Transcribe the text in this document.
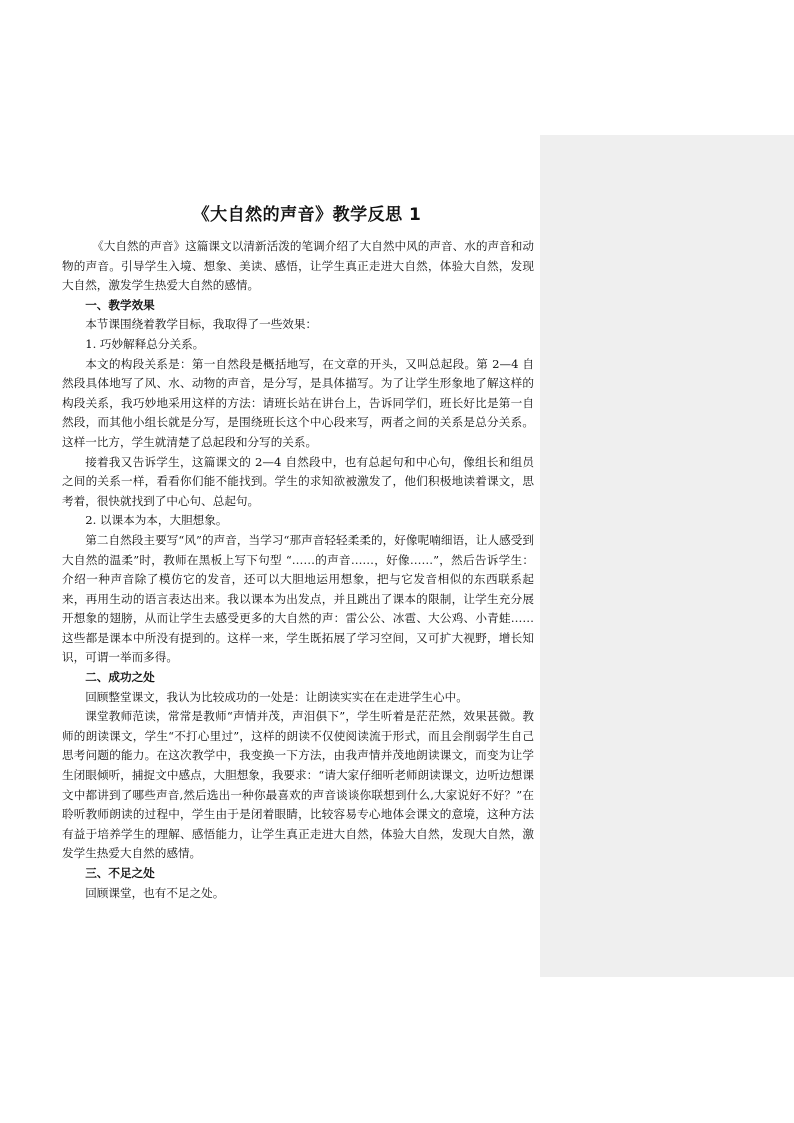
《大自然的声音》教学反思 1

《大自然的声音》这篇课文以清新活泼的笔调介绍了大自然中风的声音、水的声音和动物的声音。引导学生入境、想象、美读、感悟，让学生真正走进大自然，体验大自然，发现大自然，激发学生热爱大自然的感情。

一、教学效果

本节课围绕着教学目标，我取得了一些效果：

1. 巧妙解释总分关系。

本文的构段关系是：第一自然段是概括地写，在文章的开头，又叫总起段。第 2—4 自然段具体地写了风、水、动物的声音，是分写，是具体描写。为了让学生形象地了解这样的构段关系，我巧妙地采用这样的方法：请班长站在讲台上，告诉同学们，班长好比是第一自然段，而其他小组长就是分写，是围绕班长这个中心段来写，两者之间的关系是总分关系。这样一比方，学生就清楚了总起段和分写的关系。

接着我又告诉学生，这篇课文的 2—4 自然段中，也有总起句和中心句，像组长和组员之间的关系一样，看看你们能不能找到。学生的求知欲被激发了，他们积极地读着课文，思考着，很快就找到了中心句、总起句。

2. 以课本为本，大胆想象。

第二自然段主要写“风”的声音，当学习“那声音轻轻柔柔的，好像呢喃细语，让人感受到大自然的温柔”时，教师在黑板上写下句型 “……的声音……，好像……”，然后告诉学生：介绍一种声音除了模仿它的发音，还可以大胆地运用想象，把与它发音相似的东西联系起来，再用生动的语言表达出来。我以课本为出发点，并且跳出了课本的限制，让学生充分展开想象的翅膀，从而让学生去感受更多的大自然的声：雷公公、冰雹、大公鸡、小青蛙……这些都是课本中所没有提到的。这样一来，学生既拓展了学习空间，又可扩大视野，增长知识，可谓一举而多得。

二、成功之处

回顾整堂课文，我认为比较成功的一处是：让朗读实实在在走进学生心中。

课堂教师范读，常常是教师“声情并茂，声泪俱下”，学生听着是茫茫然，效果甚微。教师的朗读课文，学生“不打心里过”，这样的朗读不仅使阅读流于形式，而且会削弱学生自己思考问题的能力。在这次教学中，我变换一下方法，由我声情并茂地朗读课文，而变为让学生闭眼倾听，捕捉文中感点，大胆想象，我要求：“请大家仔细听老师朗读课文，边听边想课文中都讲到了哪些声音,然后选出一种你最喜欢的声音谈谈你联想到什么,大家说好不好？”在聆听教师朗读的过程中，学生由于是闭着眼睛，比较容易专心地体会课文的意境，这种方法有益于培养学生的理解、感悟能力，让学生真正走进大自然，体验大自然，发现大自然，激发学生热爱大自然的感情。

三、不足之处

回顾课堂，也有不足之处。
